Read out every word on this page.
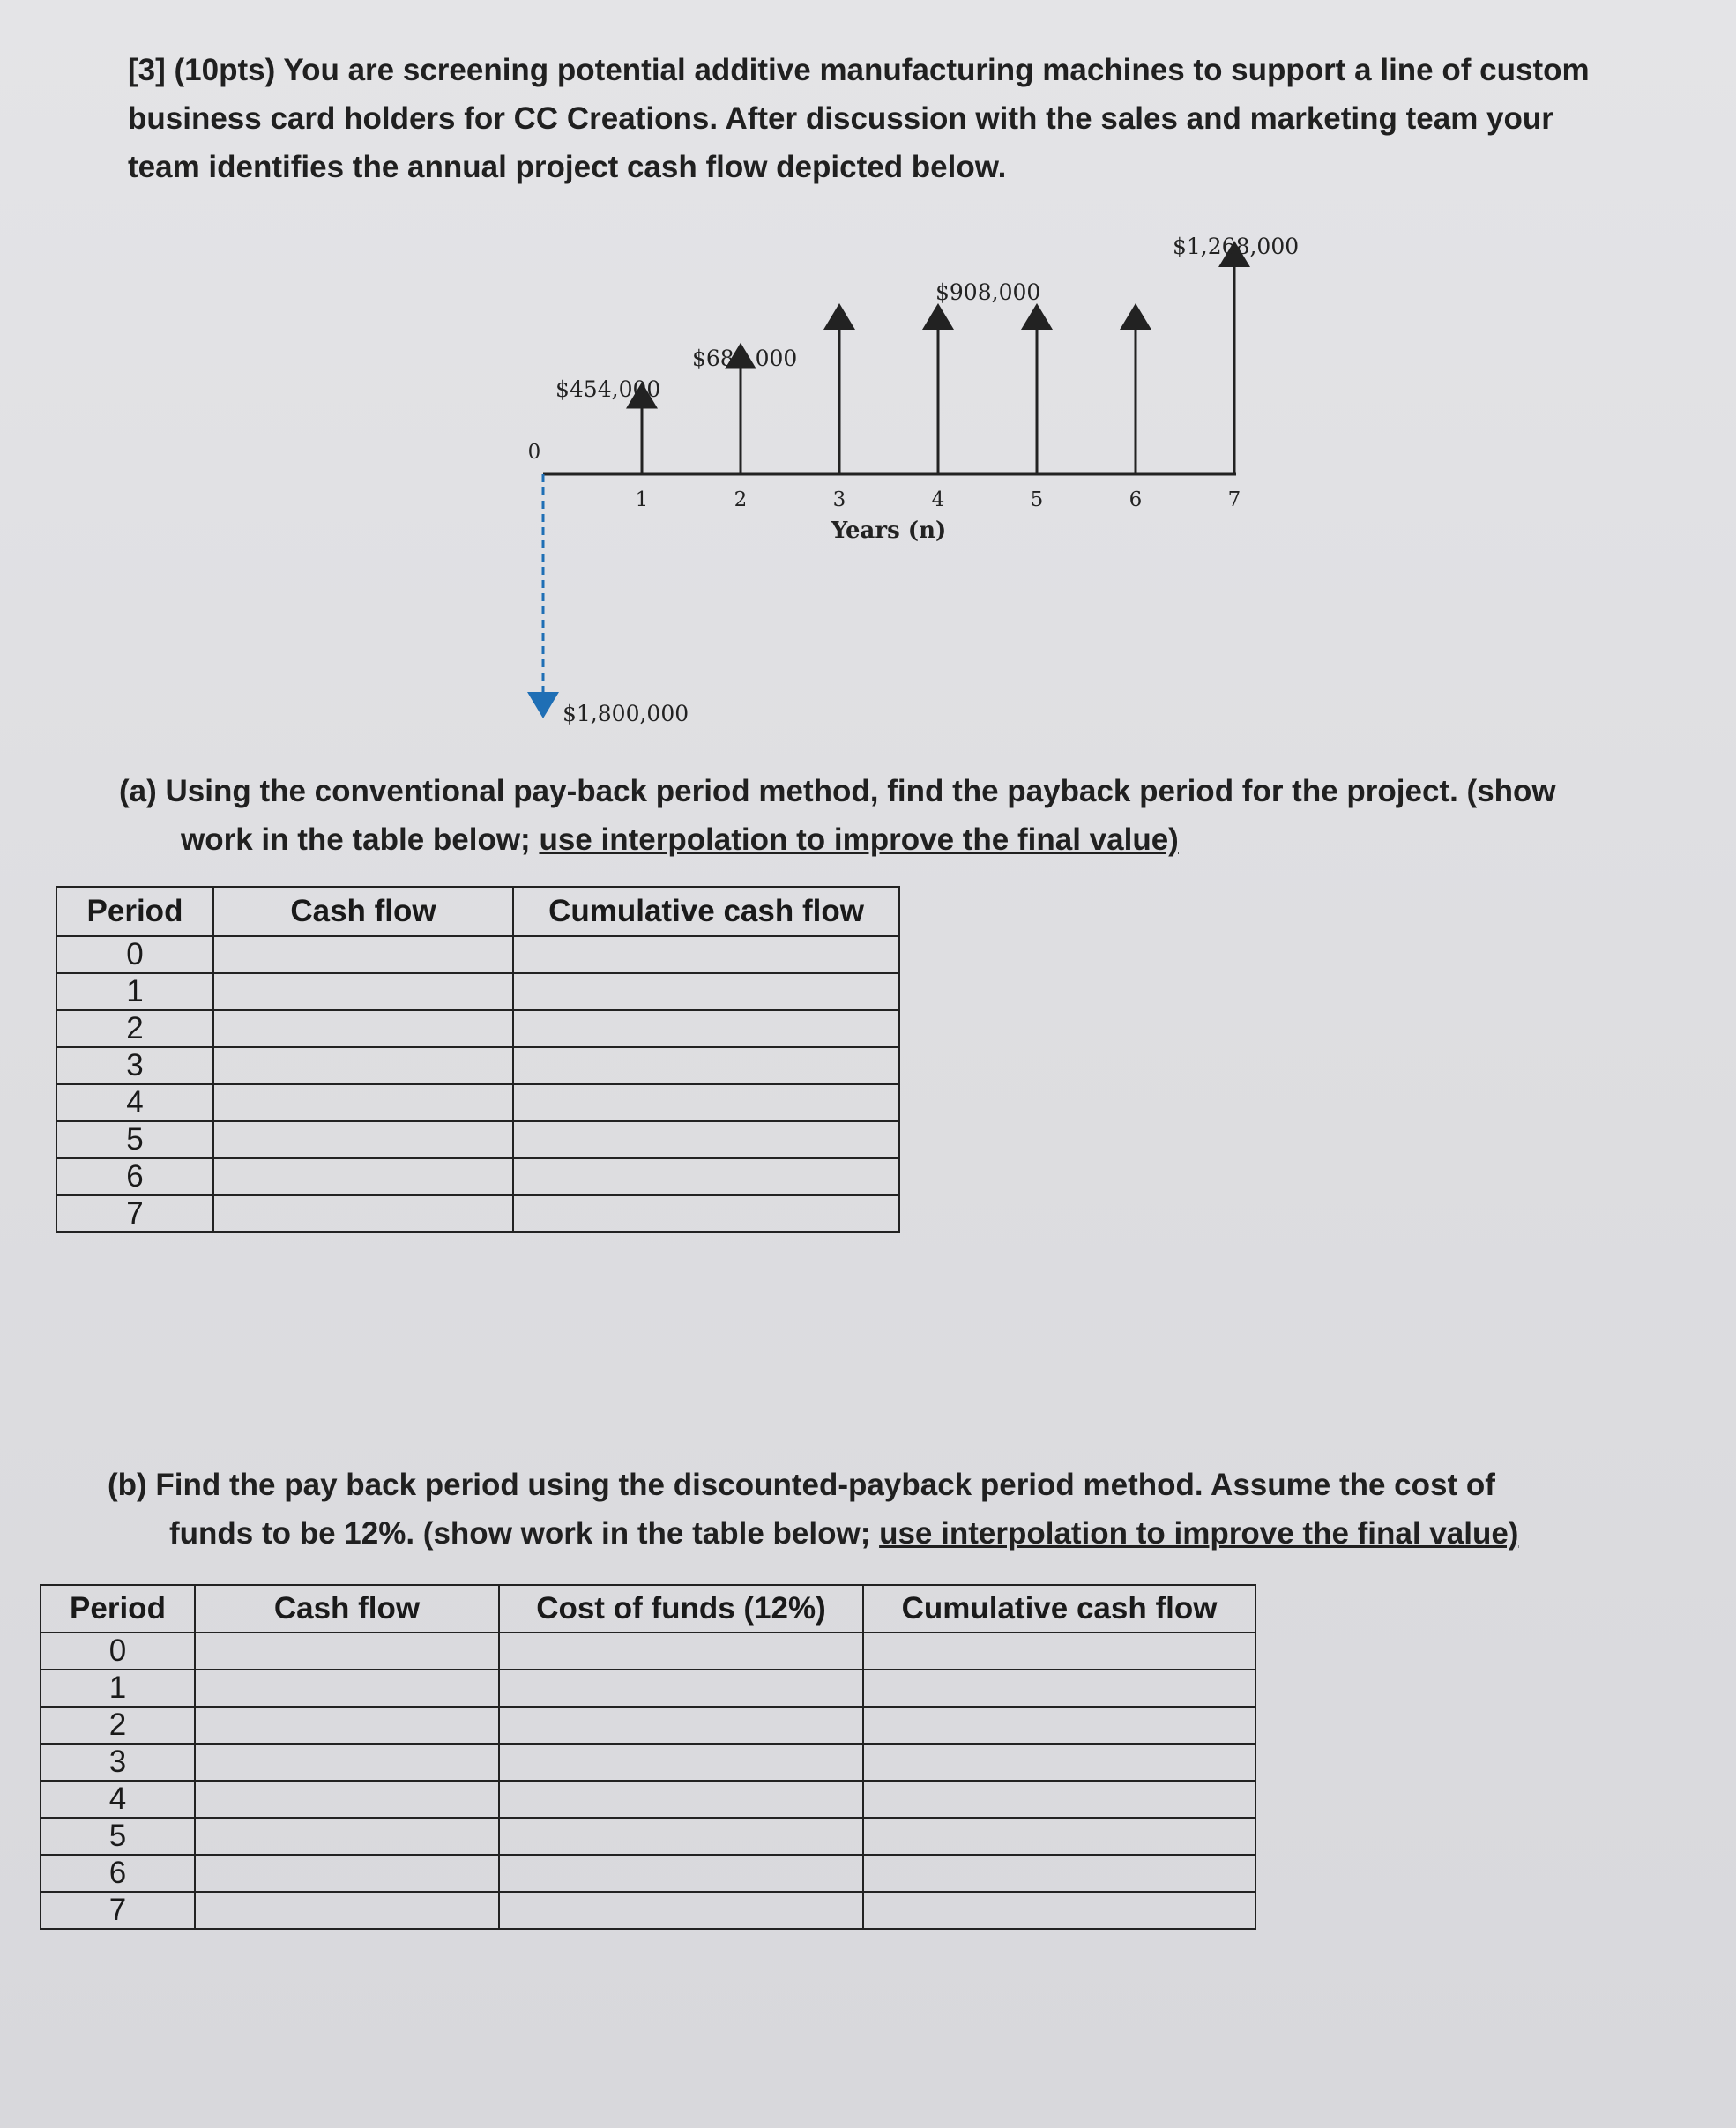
[3] (10pts) You are screening potential additive manufacturing machines to support a line of custom
business card holders for CC Creations. After discussion with the sales and marketing team your
team identifies the annual project cash flow depicted below.
0
1	2	3	4	5	6	7
Years (n)
$1,800,000
$454,000
$681,000
$908,000
$1,268,000
(a) Using the conventional pay-back period method, find the payback period for the project. (show
work in the table below; use interpolation to improve the final value)
Period	Cash flow	Cumulative cash flow
0		
1		
2		
3		
4		
5		
6		
7		
(b) Find the pay back period using the discounted-payback period method. Assume the cost of
funds to be 12%. (show work in the table below; use interpolation to improve the final value)
Period	Cash flow	Cost of funds (12%)	Cumulative cash flow
0			
1			
2			
3			
4			
5			
6			
7			
